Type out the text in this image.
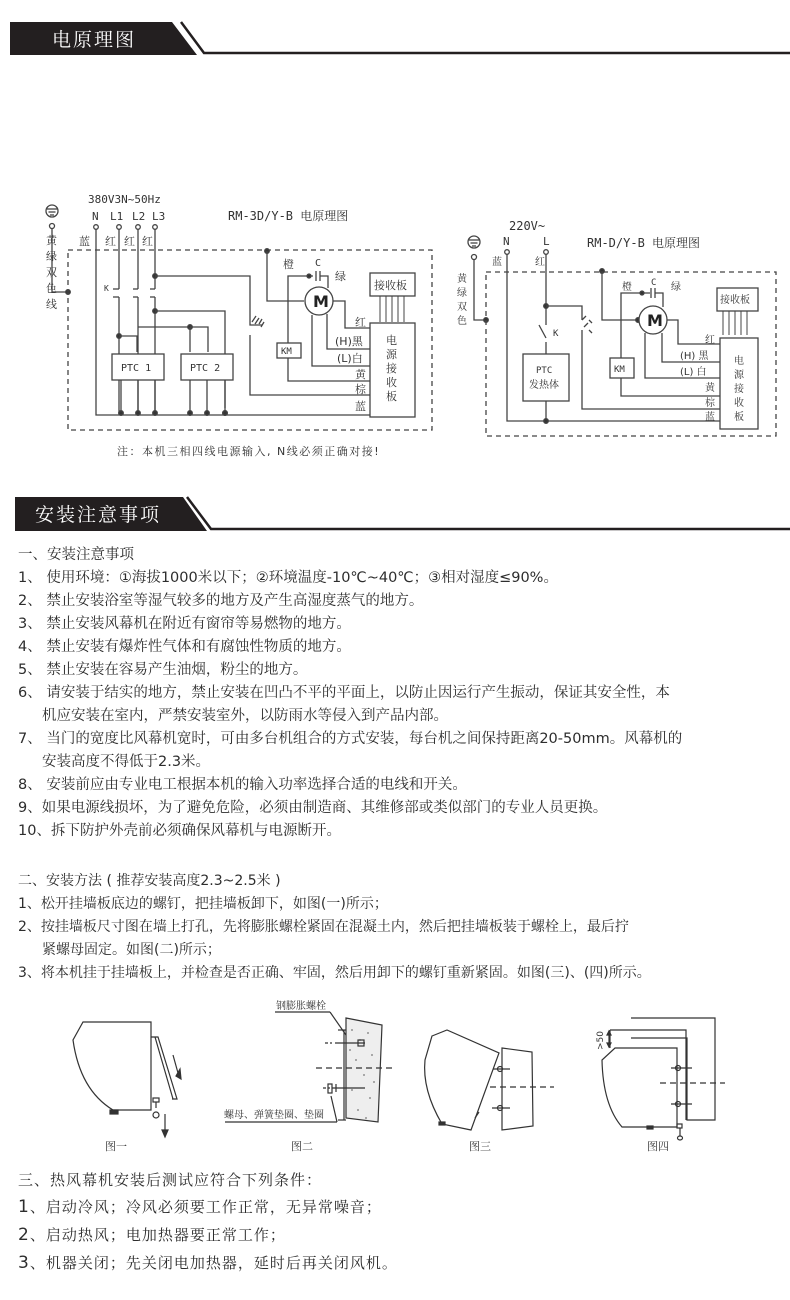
电原理图
380V3N~50Hz
RM-3D/Y-B 电原理图
黄
绿
双
色
线
N L1 L2 L3
蓝 红 红 红
K
PTC 1	PTC 2
M
橙 C
绿
KM
接收板
电
源
接
收
板
红
(H)黑
(L)白
黄
棕
蓝
220V~
RM-D/Y-B 电原理图
黄
绿
双
色
N	L
蓝	红
K
PTC
发热体
M
橙 C 绿
KM
接收板
电
源
接
收
板
红
(H) 黑
(L) 白
黄
棕
蓝
注：本机三相四线电源输入, N线必须正确对接!
安装注意事项
一、安装注意事项
1、 使用环境：①海拔1000米以下；②环境温度-10℃~40℃；③相对湿度≤90%。
2、 禁止安装浴室等湿气较多的地方及产生高湿度蒸气的地方。
3、 禁止安装风幕机在附近有窗帘等易燃物的地方。
4、 禁止安装有爆炸性气体和有腐蚀性物质的地方。
5、 禁止安装在容易产生油烟，粉尘的地方。
6、 请安装于结实的地方，禁止安装在凹凸不平的平面上，以防止因运行产生振动，保证其安全性，本
机应安装在室内，严禁安装室外，以防雨水等侵入到产品内部。
7、 当门的宽度比风幕机宽时，可由多台机组合的方式安装，每台机之间保持距离20-50mm。风幕机的
安装高度不得低于2.3米。
8、 安装前应由专业电工根据本机的输入功率选择合适的电线和开关。
9、如果电源线损坏，为了避免危险，必须由制造商、其维修部或类似部门的专业人员更换。
10、拆下防护外壳前必须确保风幕机与电源断开。
二、安装方法 ( 推荐安装高度2.3~2.5米 )
1、松开挂墙板底边的螺钉，把挂墙板卸下，如图(一)所示；
2、按挂墙板尺寸图在墙上打孔，先将膨胀螺栓紧固在混凝土内，然后把挂墙板装于螺栓上，最后拧
紧螺母固定。如图(二)所示；
3、将本机挂于挂墙板上，并检查是否正确、牢固，然后用卸下的螺钉重新紧固。如图(三)、(四)所示。
钢膨胀螺栓
螺母、弹簧垫圈、垫圈
>50
图一	图二	图三	图四
三、热风幕机安装后测试应符合下列条件：
1、启动冷风；冷风必须要工作正常，无异常噪音；
2、启动热风；电加热器要正常工作；
3、机器关闭；先关闭电加热器，延时后再关闭风机。
